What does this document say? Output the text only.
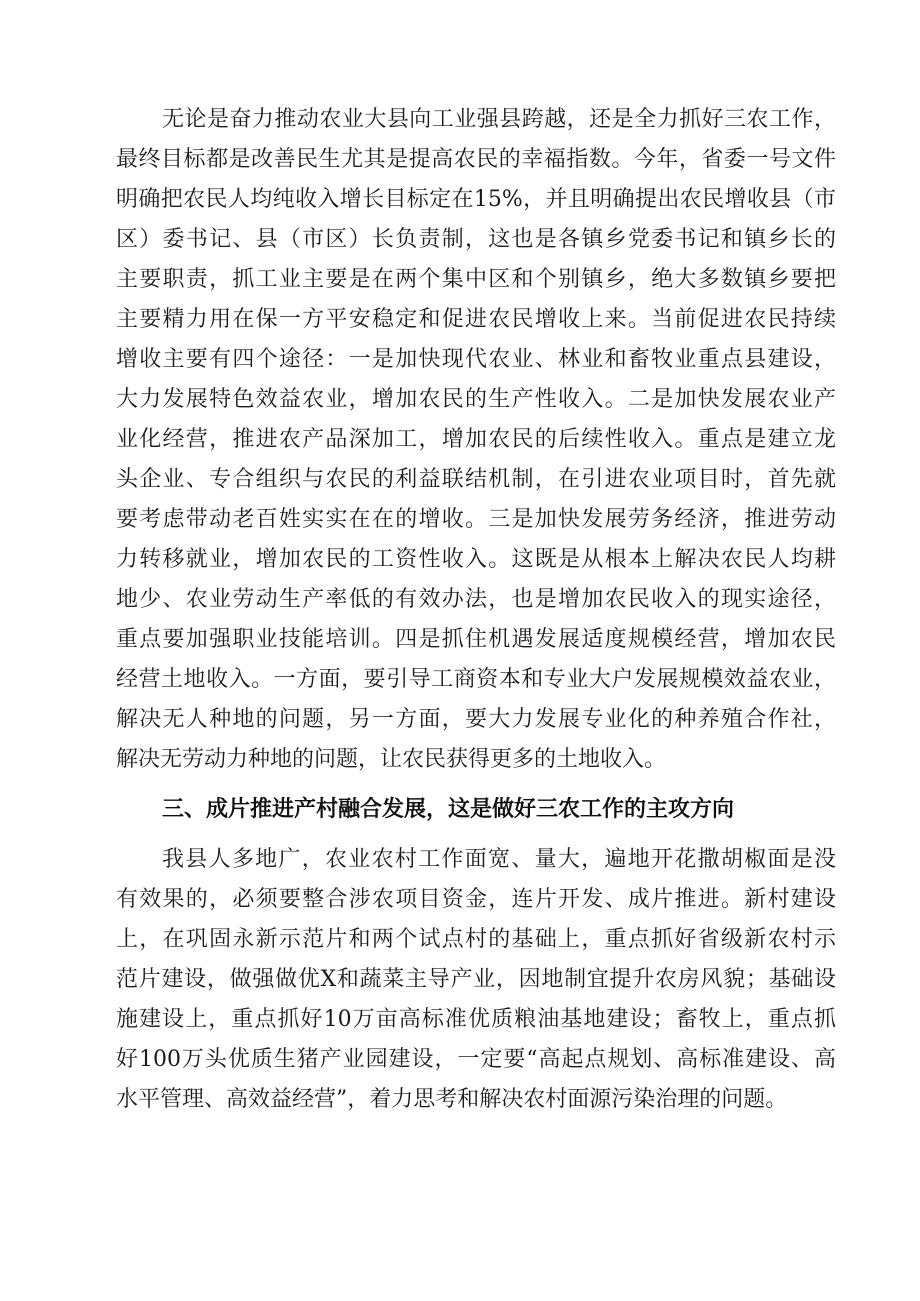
无论是奋力推动农业大县向工业强县跨越，还是全力抓好三农工作，
最终目标都是改善民生尤其是提高农民的幸福指数。今年，省委一号文件
明确把农民人均纯收入增长目标定在15%，并且明确提出农民增收县（市
区）委书记、县（市区）长负责制，这也是各镇乡党委书记和镇乡长的
主要职责，抓工业主要是在两个集中区和个别镇乡，绝大多数镇乡要把
主要精力用在保一方平安稳定和促进农民增收上来。当前促进农民持续
增收主要有四个途径：一是加快现代农业、林业和畜牧业重点县建设，
大力发展特色效益农业，增加农民的生产性收入。二是加快发展农业产
业化经营，推进农产品深加工，增加农民的后续性收入。重点是建立龙
头企业、专合组织与农民的利益联结机制，在引进农业项目时，首先就
要考虑带动老百姓实实在在的增收。三是加快发展劳务经济，推进劳动
力转移就业，增加农民的工资性收入。这既是从根本上解决农民人均耕
地少、农业劳动生产率低的有效办法，也是增加农民收入的现实途径，
重点要加强职业技能培训。四是抓住机遇发展适度规模经营，增加农民
经营土地收入。一方面，要引导工商资本和专业大户发展规模效益农业，
解决无人种地的问题，另一方面，要大力发展专业化的种养殖合作社，
解决无劳动力种地的问题，让农民获得更多的土地收入。
三、成片推进产村融合发展，这是做好三农工作的主攻方向
我县人多地广，农业农村工作面宽、量大，遍地开花撒胡椒面是没
有效果的，必须要整合涉农项目资金，连片开发、成片推进。新村建设
上，在巩固永新示范片和两个试点村的基础上，重点抓好省级新农村示
范片建设，做强做优X和蔬菜主导产业，因地制宜提升农房风貌；基础设
施建设上，重点抓好10万亩高标准优质粮油基地建设；畜牧上，重点抓
好100万头优质生猪产业园建设，一定要“高起点规划、高标准建设、高
水平管理、高效益经营”，着力思考和解决农村面源污染治理的问题。
